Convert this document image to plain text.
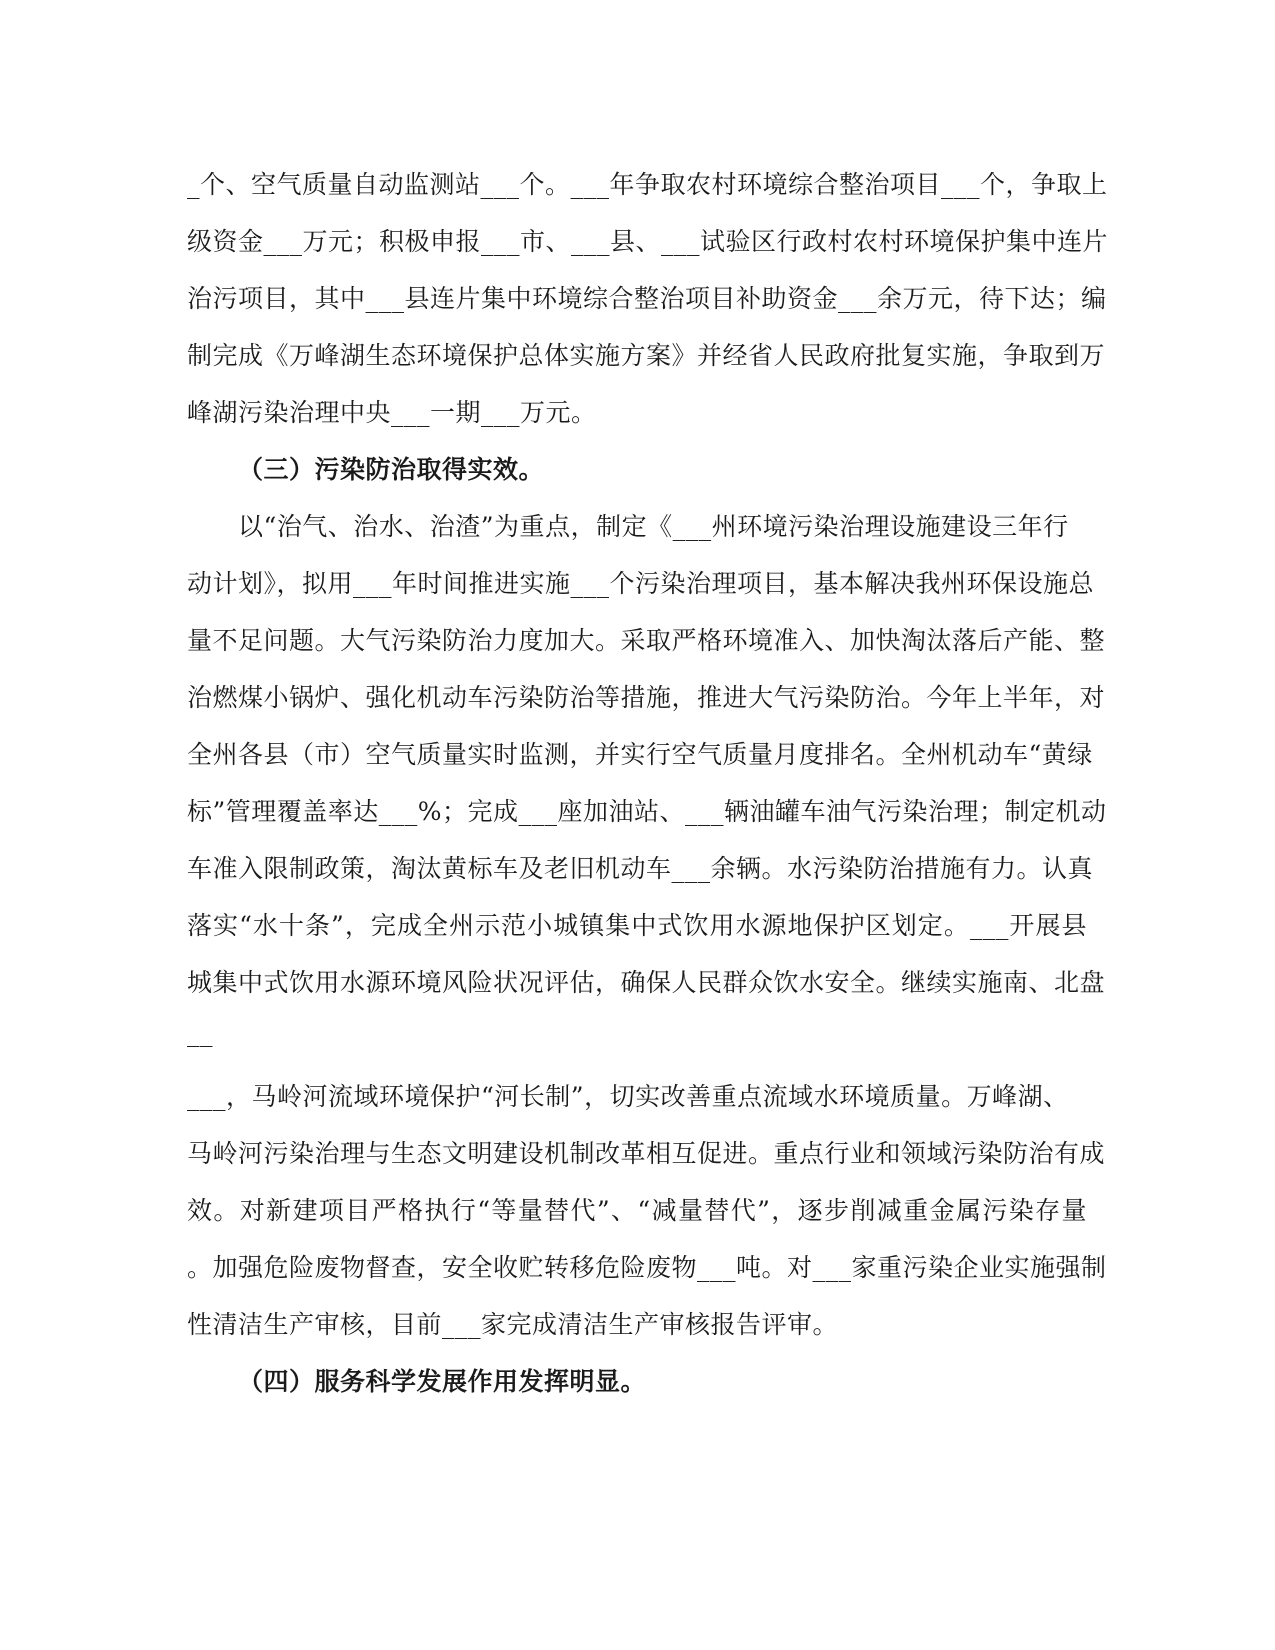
_个、空气质量自动监测站___个。___年争取农村环境综合整治项目___个，争取上
级资金___万元；积极申报___市、___县、___试验区行政村农村环境保护集中连片
治污项目，其中___县连片集中环境综合整治项目补助资金___余万元，待下达；编
制完成《万峰湖生态环境保护总体实施方案》并经省人民政府批复实施，争取到万
峰湖污染治理中央___一期___万元。
（三）污染防治取得实效。
以“治气、治水、治渣”为重点，制定《___州环境污染治理设施建设三年行
动计划》，拟用___年时间推进实施___个污染治理项目，基本解决我州环保设施总
量不足问题。大气污染防治力度加大。采取严格环境准入、加快淘汰落后产能、整
治燃煤小锅炉、强化机动车污染防治等措施，推进大气污染防治。今年上半年，对
全州各县（市）空气质量实时监测，并实行空气质量月度排名。全州机动车“黄绿
标”管理覆盖率达___%；完成___座加油站、___辆油罐车油气污染治理；制定机动
车准入限制政策，淘汰黄标车及老旧机动车___余辆。水污染防治措施有力。认真
落实“水十条”，完成全州示范小城镇集中式饮用水源地保护区划定。___开展县
城集中式饮用水源环境风险状况评估，确保人民群众饮水安全。继续实施南、北盘
__
___，马岭河流域环境保护“河长制”，切实改善重点流域水环境质量。万峰湖、
马岭河污染治理与生态文明建设机制改革相互促进。重点行业和领域污染防治有成
效。对新建项目严格执行“等量替代”、“减量替代”，逐步削减重金属污染存量
。加强危险废物督查，安全收贮转移危险废物___吨。对___家重污染企业实施强制
性清洁生产审核，目前___家完成清洁生产审核报告评审。
（四）服务科学发展作用发挥明显。
